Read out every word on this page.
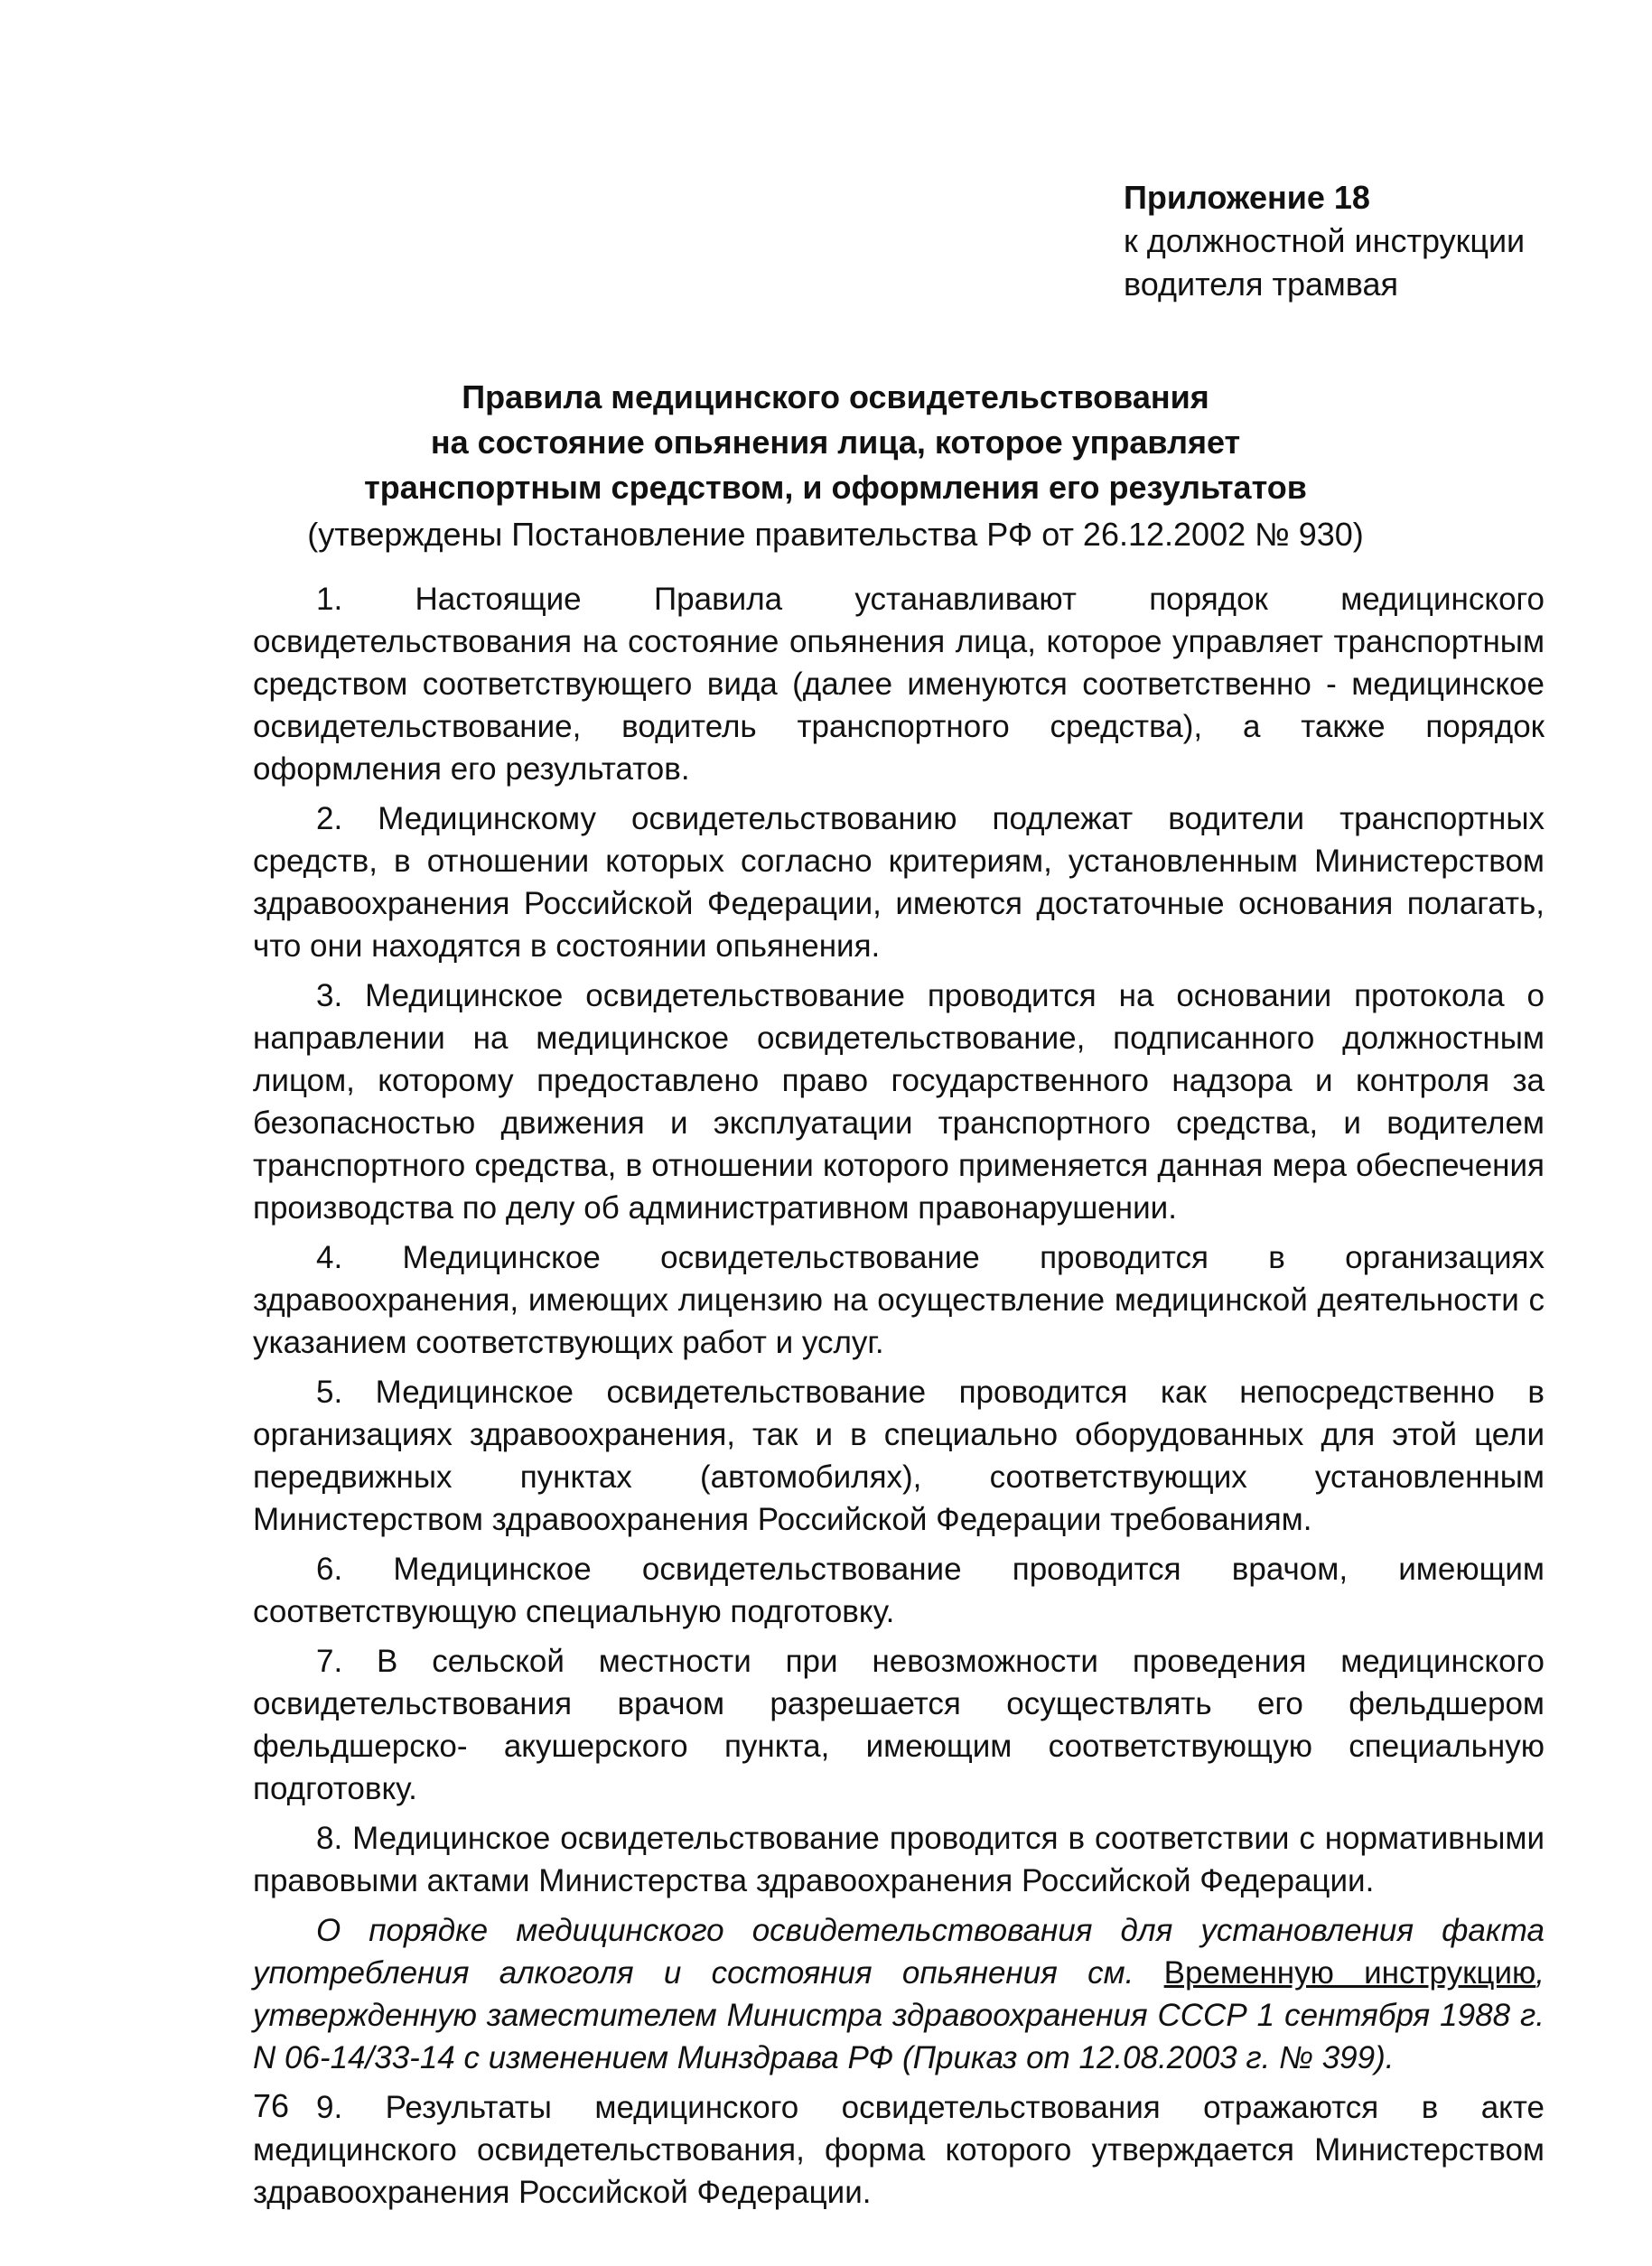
Приложение 18
к должностной инструкции
водителя трамвая
Правила медицинского освидетельствования
на состояние опьянения лица, которое управляет
транспортным средством, и оформления его результатов
(утверждены Постановление правительства РФ от 26.12.2002 № 930)

1. Настоящие Правила устанавливают порядок медицинского освидетельствования на состояние опьянения лица, которое управляет транспортным средством соответствующего вида (далее именуются соответственно - медицинское освидетельствование, водитель транспортного средства), а также порядок оформления его результатов.

2. Медицинскому освидетельствованию подлежат водители транспортных средств, в отношении которых согласно критериям, установленным Министерством здравоохранения Российской Федерации, имеются достаточные основания полагать, что они находятся в состоянии опьянения.

3. Медицинское освидетельствование проводится на основании протокола о направлении на медицинское освидетельствование, подписанного должностным лицом, которому предоставлено право государственного надзора и контроля за безопасностью движения и эксплуатации транспортного средства, и водителем транспортного средства, в отношении которого применяется данная мера обеспечения производства по делу об административном правонарушении.

4. Медицинское освидетельствование проводится в организациях здравоохранения, имеющих лицензию на осуществление медицинской деятельности с указанием соответствующих работ и услуг.

5. Медицинское освидетельствование проводится как непосредственно в организациях здравоохранения, так и в специально оборудованных для этой цели передвижных пунктах (автомобилях), соответствующих установленным Министерством здравоохранения Российской Федерации требованиям.

6. Медицинское освидетельствование проводится врачом, имеющим соответствующую специальную подготовку.

7. В сельской местности при невозможности проведения медицинского освидетельствования врачом разрешается осуществлять его фельдшером фельдшерско- акушерского пункта, имеющим соответствующую специальную подготовку.

8. Медицинское освидетельствование проводится в соответствии с нормативными правовыми актами Министерства здравоохранения Российской Федерации.

О порядке медицинского освидетельствования для установления факта употребления алкоголя и состояния опьянения см. Временную инструкцию, утвержденную заместителем Министра здравоохранения СССР 1 сентября 1988 г. N 06-14/33-14 с изменением Минздрава РФ (Приказ от 12.08.2003 г. № 399).

9. Результаты медицинского освидетельствования отражаются в акте медицинского освидетельствования, форма которого утверждается Министерством здравоохранения Российской Федерации.

76
